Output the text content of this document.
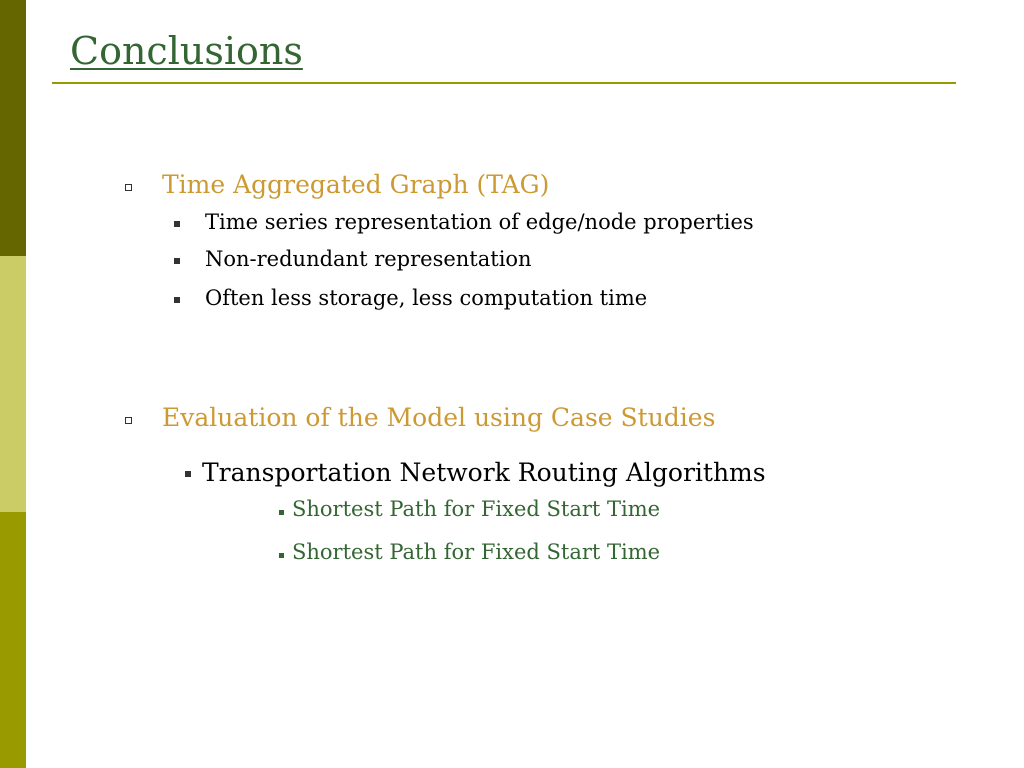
Conclusions
Time Aggregated Graph (TAG)
Time series representation of edge/node properties
Non-redundant representation
Often less storage, less computation time
Evaluation of the Model using Case Studies
Transportation Network Routing Algorithms
Shortest Path for Fixed Start Time
Shortest Path for Fixed Start Time
